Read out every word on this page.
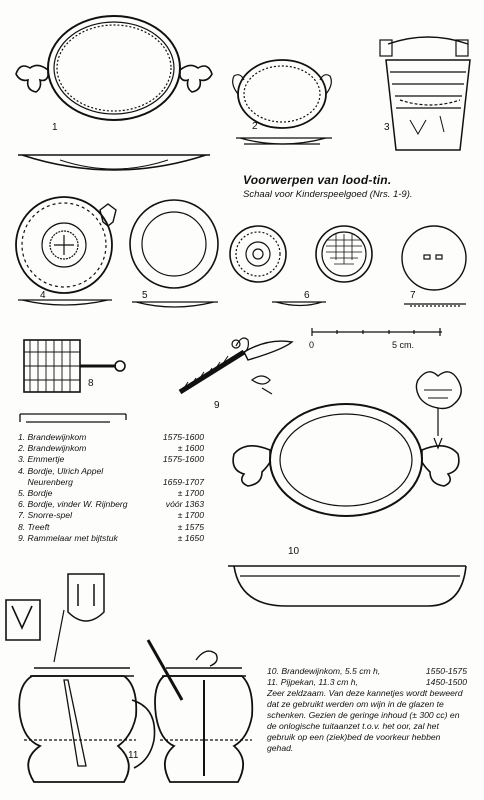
1	2	3
4	5	6	7
8
9
10
11
Voorwerpen van lood-tin.
Schaal voor Kinderspeelgoed (Nrs. 1-9).
0	5 cm.
1. Brandewijnkom	1575-1600
2. Brandewijnkom	± 1600
3. Emmertje	1575-1600
4. Bordje, Ulrich Appel
Neurenberg	1659-1707
5. Bordje	± 1700
6. Bordje, vinder W. Rijnberg	vóór 1363
7. Snorre-spel	± 1700
8. Treeft	± 1575
9. Rammelaar met bijtstuk	± 1650
10. Brandewijnkom, 5.5 cm h,	1550-1575
11. Pijpekan, 11.3 cm h,	1450-1500
Zeer zeldzaam. Van deze kannetjes wordt beweerd dat ze gebruikt werden om wijn in de glazen te schenken. Gezien de geringe inhoud (± 300 cc) en de onlogische tuitaanzet t.o.v. het oor, zal het gebruik op een (ziek)bed de voorkeur hebben gehad.
